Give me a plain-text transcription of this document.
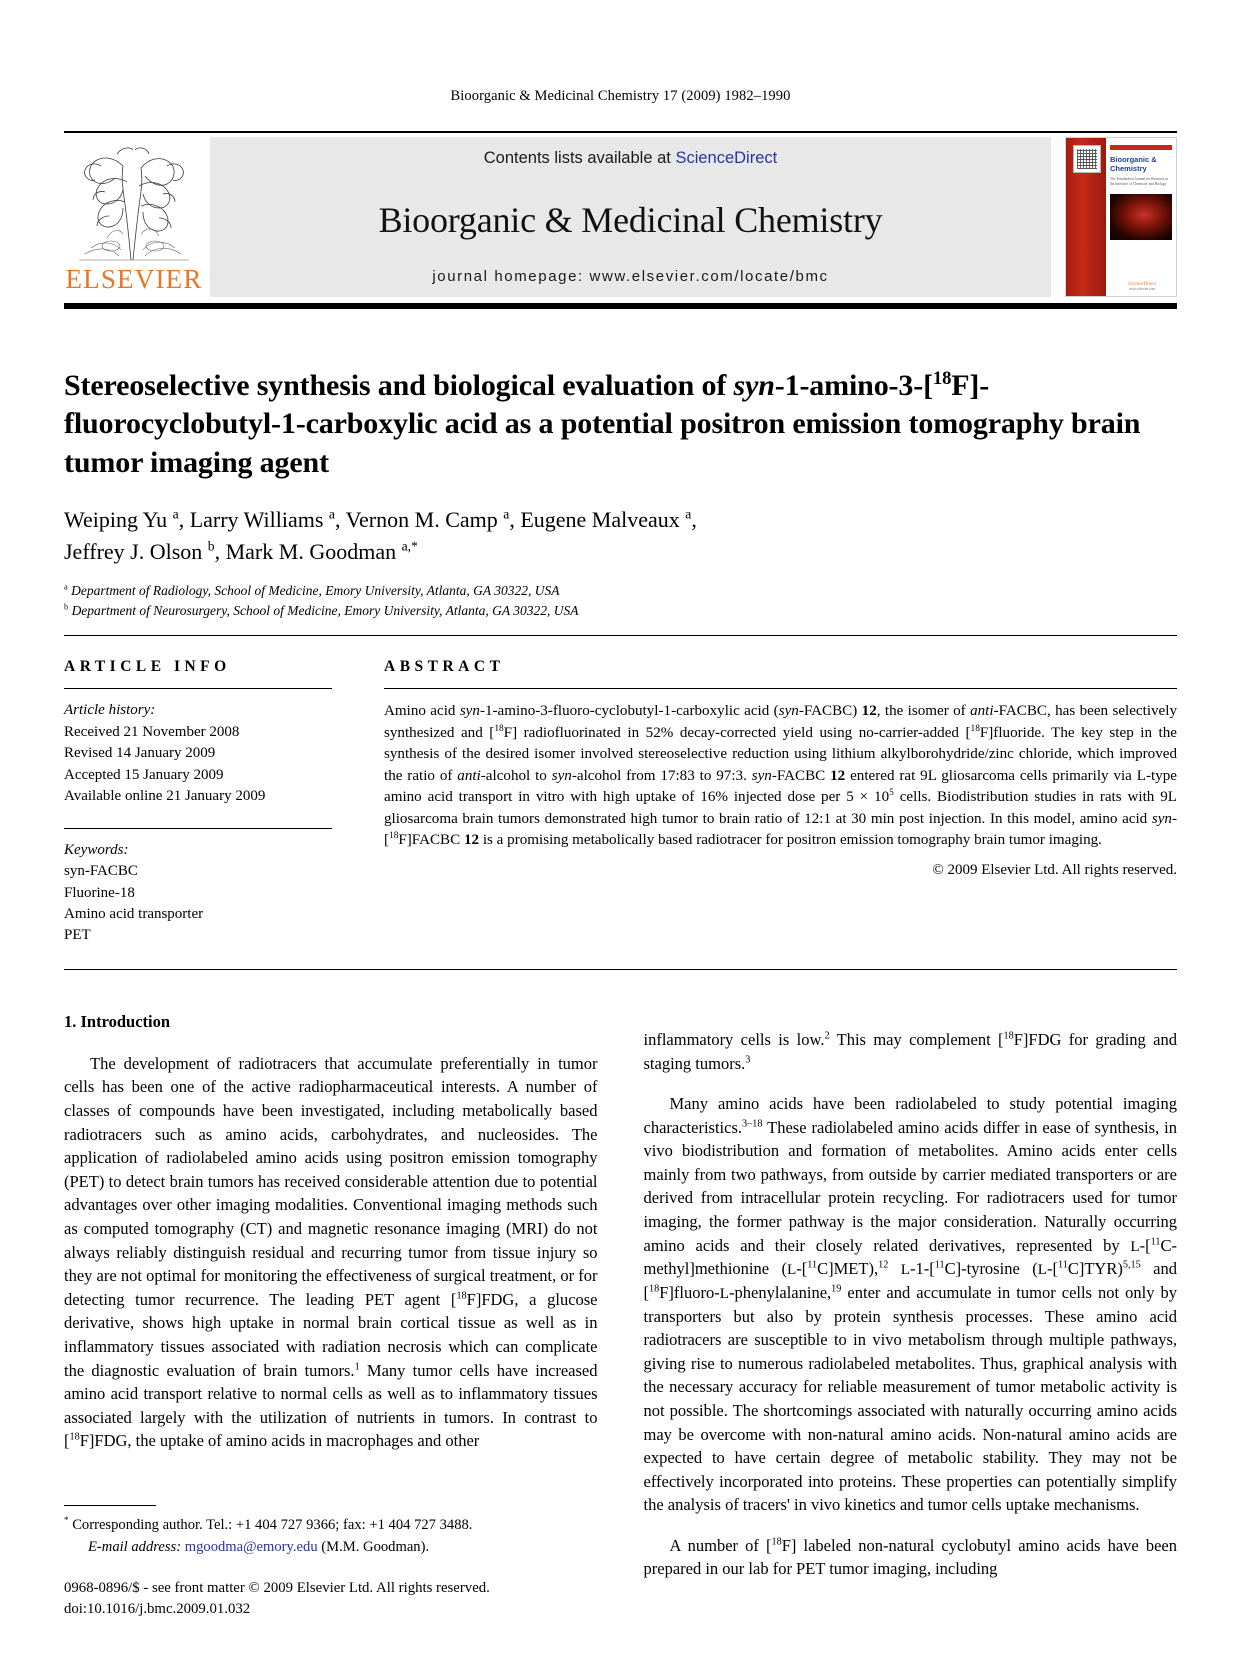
Bioorganic & Medicinal Chemistry 17 (2009) 1982–1990
ELSEVIER
Contents lists available at ScienceDirect
Bioorganic & Medicinal Chemistry
journal homepage: www.elsevier.com/locate/bmc
Bioorganic &
Chemistry
The Tetrahedron Journal for Research at the Interface of Chemistry and Biology
ScienceDirect
www.elsevier.com
Stereoselective synthesis and biological evaluation of syn-1-amino-3-[$^{18}$F]-fluorocyclobutyl-1-carboxylic acid as a potential positron emission tomography brain tumor imaging agent
Weiping Yu $^a$, Larry Williams $^a$, Vernon M. Camp $^a$, Eugene Malveaux $^a$,
Jeffrey J. Olson $^b$, Mark M. Goodman $^{a,*}$
$^a$ Department of Radiology, School of Medicine, Emory University, Atlanta, GA 30322, USA
$^b$ Department of Neurosurgery, School of Medicine, Emory University, Atlanta, GA 30322, USA
ARTICLE INFO
Article history:
Received 21 November 2008
Revised 14 January 2009
Accepted 15 January 2009
Available online 21 January 2009
Keywords:
syn-FACBC
Fluorine-18
Amino acid transporter
PET
ABSTRACT
Amino acid syn-1-amino-3-fluoro-cyclobutyl-1-carboxylic acid (syn-FACBC) 12, the isomer of anti-FACBC, has been selectively synthesized and [$^{18}$F] radiofluorinated in 52% decay-corrected yield using no-carrier-added [$^{18}$F]fluoride. The key step in the synthesis of the desired isomer involved stereoselective reduction using lithium alkylborohydride/zinc chloride, which improved the ratio of anti-alcohol to syn-alcohol from 17:83 to 97:3. syn-FACBC 12 entered rat 9L gliosarcoma cells primarily via L-type amino acid transport in vitro with high uptake of 16% injected dose per $5 \times 10^5$ cells. Biodistribution studies in rats with 9L gliosarcoma brain tumors demonstrated high tumor to brain ratio of 12:1 at 30 min post injection. In this model, amino acid syn-[$^{18}$F]FACBC 12 is a promising metabolically based radiotracer for positron emission tomography brain tumor imaging.
© 2009 Elsevier Ltd. All rights reserved.
1. Introduction

The development of radiotracers that accumulate preferentially in tumor cells has been one of the active radiopharmaceutical interests. A number of classes of compounds have been investigated, including metabolically based radiotracers such as amino acids, carbohydrates, and nucleosides. The application of radiolabeled amino acids using positron emission tomography (PET) to detect brain tumors has received considerable attention due to potential advantages over other imaging modalities. Conventional imaging methods such as computed tomography (CT) and magnetic resonance imaging (MRI) do not always reliably distinguish residual and recurring tumor from tissue injury so they are not optimal for monitoring the effectiveness of surgical treatment, or for detecting tumor recurrence. The leading PET agent [$^{18}$F]FDG, a glucose derivative, shows high uptake in normal brain cortical tissue as well as in inflammatory tissues associated with radiation necrosis which can complicate the diagnostic evaluation of brain tumors.$^1$ Many tumor cells have increased amino acid transport relative to normal cells as well as to inflammatory tissues associated largely with the utilization of nutrients in tumors. In contrast to [$^{18}$F]FDG, the uptake of amino acids in macrophages and other

inflammatory cells is low.$^2$ This may complement [$^{18}$F]FDG for grading and staging tumors.$^3$

Many amino acids have been radiolabeled to study potential imaging characteristics.$^{3-18}$ These radiolabeled amino acids differ in ease of synthesis, in vivo biodistribution and formation of metabolites. Amino acids enter cells mainly from two pathways, from outside by carrier mediated transporters or are derived from intracellular protein recycling. For radiotracers used for tumor imaging, the former pathway is the major consideration. Naturally occurring amino acids and their closely related derivatives, represented by L-[$^{11}$C-methyl]methionine (L-[$^{11}$C]MET),$^{12}$ L-1-[$^{11}$C]-tyrosine $(L-[^{11}C]TYR)^{5,15}$ and [$^{18}$F]fluoro-L-phenylalanine,$^{19}$ enter and accumulate in tumor cells not only by transporters but also by protein synthesis processes. These amino acid radiotracers are susceptible to in vivo metabolism through multiple pathways, giving rise to numerous radiolabeled metabolites. Thus, graphical analysis with the necessary accuracy for reliable measurement of tumor metabolic activity is not possible. The shortcomings associated with naturally occurring amino acids may be overcome with non-natural amino acids. Non-natural amino acids are expected to have certain degree of metabolic stability. They may not be effectively incorporated into proteins. These properties can potentially simplify the analysis of tracers' in vivo kinetics and tumor cells uptake mechanisms.

A number of [$^{18}$F] labeled non-natural cyclobutyl amino acids have been prepared in our lab for PET tumor imaging, including

* Corresponding author. Tel.: +1 404 727 9366; fax: +1 404 727 3488.
E-mail address: mgoodma@emory.edu (M.M. Goodman).
0968-0896/$ - see front matter © 2009 Elsevier Ltd. All rights reserved.
doi:10.1016/j.bmc.2009.01.032
